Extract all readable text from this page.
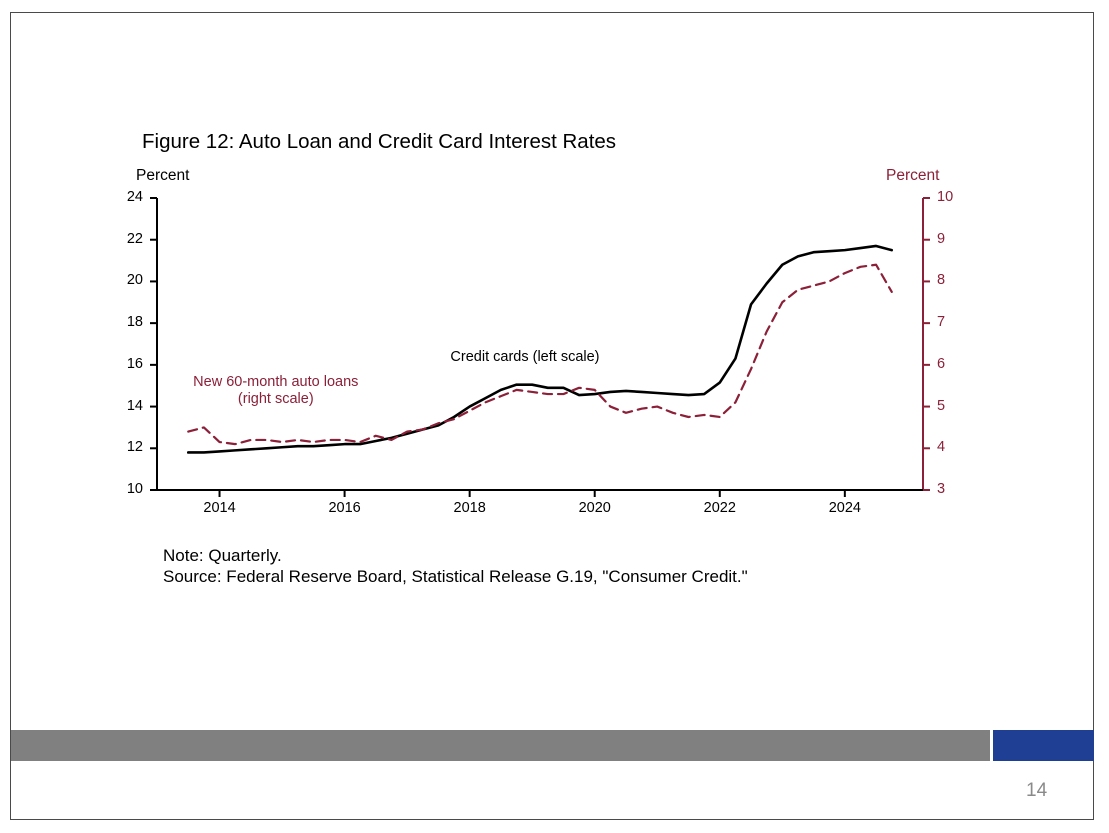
Figure 12: Auto Loan and Credit Card Interest Rates
Percent	Percent
10
12
14
16
18
20
22
24
3
4
5
6
7
8
9
10
2014	2016	2018	2020	2022	2024
New 60-month auto loans
(right scale)
Credit cards (left scale)
Note: Quarterly.
Source: Federal Reserve Board, Statistical Release G.19, "Consumer Credit."
14
